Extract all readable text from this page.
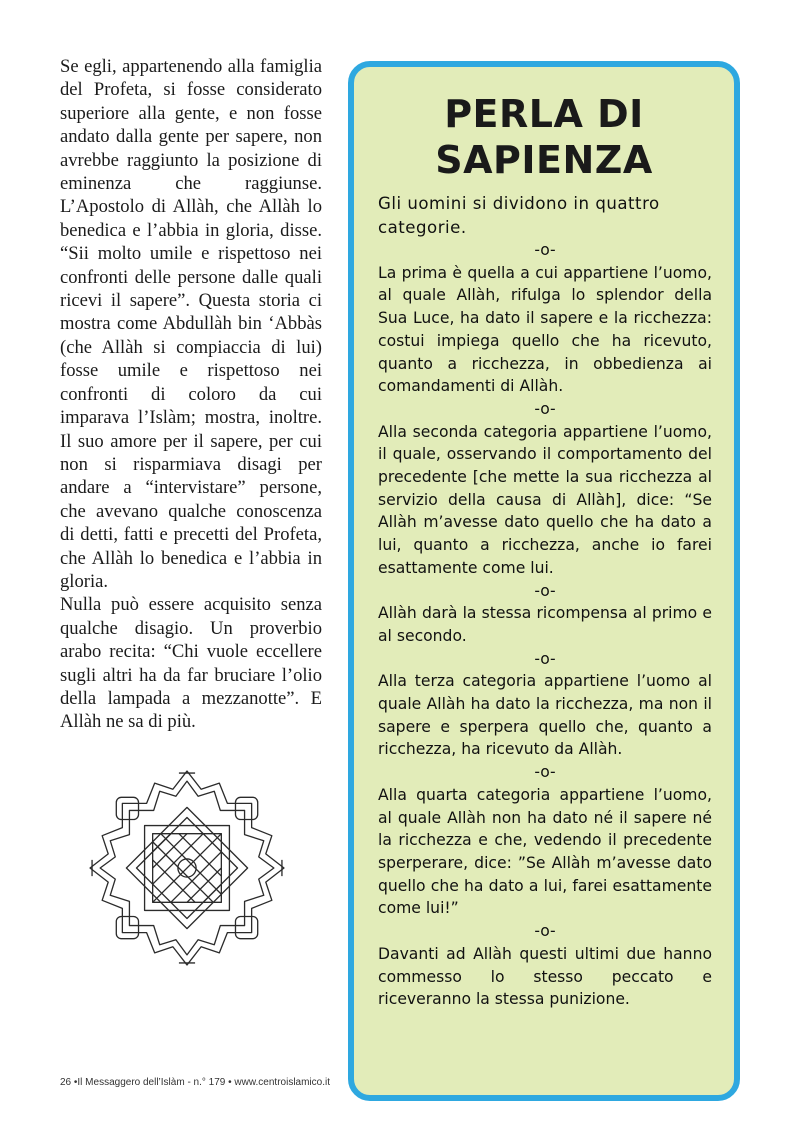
Se egli, appartenendo alla famiglia del Profeta, si fosse considerato superiore alla gente, e non fosse andato dalla gente per sapere, non avrebbe raggiunto la posizione di eminenza che raggiunse. L’Apostolo di Allàh, che Allàh lo benedica e l’abbia in gloria, disse. “Sii molto umile e rispettoso nei confronti delle persone dalle quali ricevi il sapere”. Questa storia ci mostra come Abdullàh bin ‘Abbàs (che Allàh si compiaccia di lui) fosse umile e rispettoso nei confronti di coloro da cui imparava l’Islàm; mostra, inoltre. Il suo amore per il sapere, per cui non si risparmiava disagi per andare a “intervistare” persone, che avevano qualche conoscenza di detti, fatti e precetti del Profeta, che Allàh lo benedica e l’abbia in gloria.

Nulla può essere acquisito senza qualche disagio. Un proverbio arabo recita: “Chi vuole eccellere sugli altri ha da far bruciare l’olio della lampada a mezzanotte”. E Allàh ne sa di più.

PERLA DI
SAPIENZA

Gli uomini si dividono in quattro categorie.

-o-

La prima è quella a cui appartiene l’uomo, al quale Allàh, rifulga lo splendor della Sua Luce, ha dato il sapere e la ricchezza: costui impiega quello che ha ricevuto, quanto a ricchezza, in obbedienza ai comandamenti di Allàh.

-o-

Alla seconda categoria appartiene l’uomo, il quale, osservando il comportamento del precedente [che mette la sua ricchezza al servizio della causa di Allàh], dice: “Se Allàh m’avesse dato quello che ha dato a lui, quanto a ricchezza, anche io farei esattamente come lui.

-o-

Allàh darà la stessa ricompensa al primo e al secondo.

-o-

Alla terza categoria appartiene l’uomo al quale Allàh ha dato la ricchezza, ma non il sapere e sperpera quello che, quanto a ricchezza, ha ricevuto da Allàh.

-o-

Alla quarta categoria appartiene l’uomo, al quale Allàh non ha dato né il sapere né la ricchezza e che, vedendo il precedente sperperare, dice: ”Se Allàh m’avesse dato quello che ha dato a lui, farei esattamente come lui!”

-o-

Davanti ad Allàh questi ultimi due hanno commesso lo stesso peccato e riceveranno la stessa punizione.

26 •Il Messaggero dell’Islàm - n.° 179 • www.centroislamico.it
